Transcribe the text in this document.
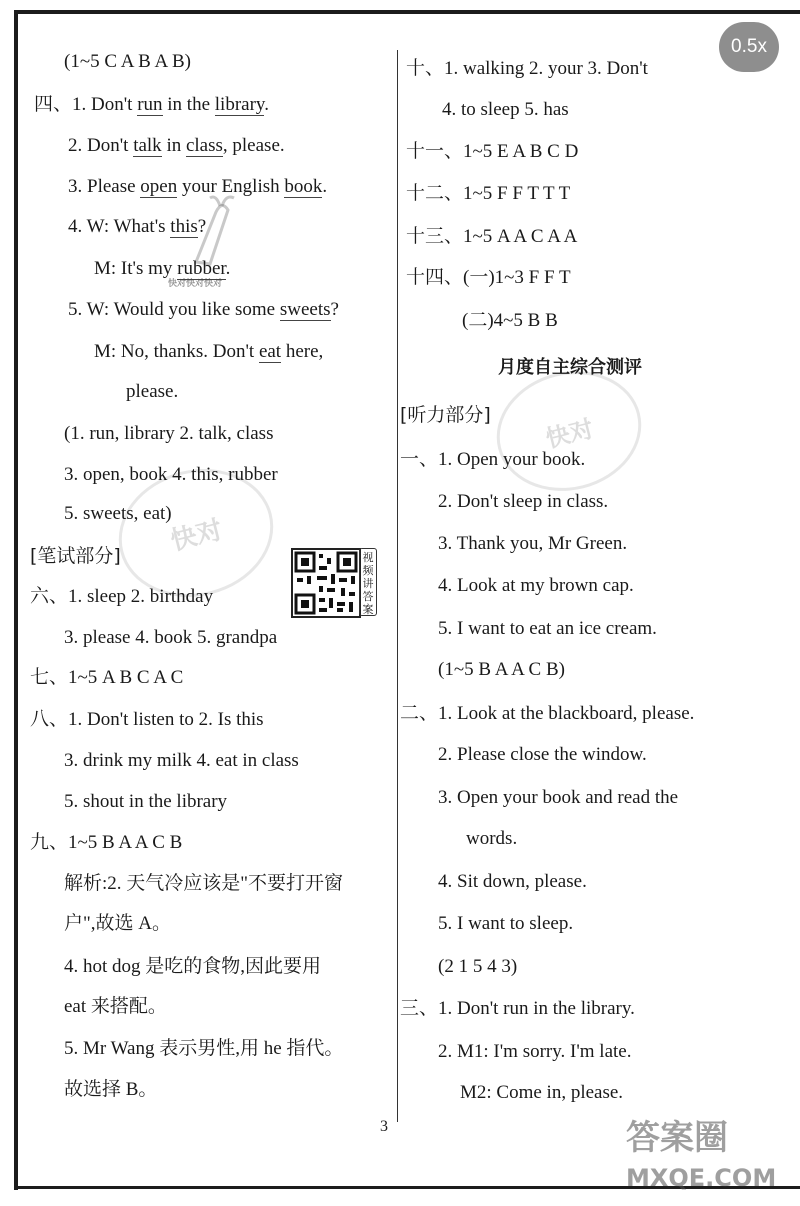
0.5x
快对
快对
快对快对快对
(1~5 C A B A B)
四、1. Don't run in the library.
2. Don't talk in class, please.
3. Please open your English book.
4. W: What's this?
M: It's my rubber.
5. W: Would you like some sweets?
M: No, thanks. Don't eat here,
please.
(1. run, library 2. talk, class
3. open, book 4. this, rubber
5. sweets, eat)
[笔试部分]	视频讲答案
六、1. sleep 2. birthday
3. please 4. book 5. grandpa
七、1~5 A B C A C
八、1. Don't listen to 2. Is this
3. drink my milk 4. eat in class
5. shout in the library
九、1~5 B A A C B
解析:2. 天气冷应该是"不要打开窗
户",故选 A。
4. hot dog 是吃的食物,因此要用
eat 来搭配。
5. Mr Wang 表示男性,用 he 指代。
故选择 B。
十、1. walking 2. your 3. Don't
4. to sleep 5. has
十一、1~5 E A B C D
十二、1~5 F F T T T
十三、1~5 A A C A A
十四、(一)1~3 F F T
(二)4~5 B B
月度自主综合测评
[听力部分]
一、1. Open your book.
2. Don't sleep in class.
3. Thank you, Mr Green.
4. Look at my brown cap.
5. I want to eat an ice cream.
(1~5 B A A C B)
二、1. Look at the blackboard, please.
2. Please close the window.
3. Open your book and read the
words.
4. Sit down, please.
5. I want to sleep.
(2 1 5 4 3)
三、1. Don't run in the library.
2. M1: I'm sorry. I'm late.
M2: Come in, please.
3	答案圈
MXQE.COM
